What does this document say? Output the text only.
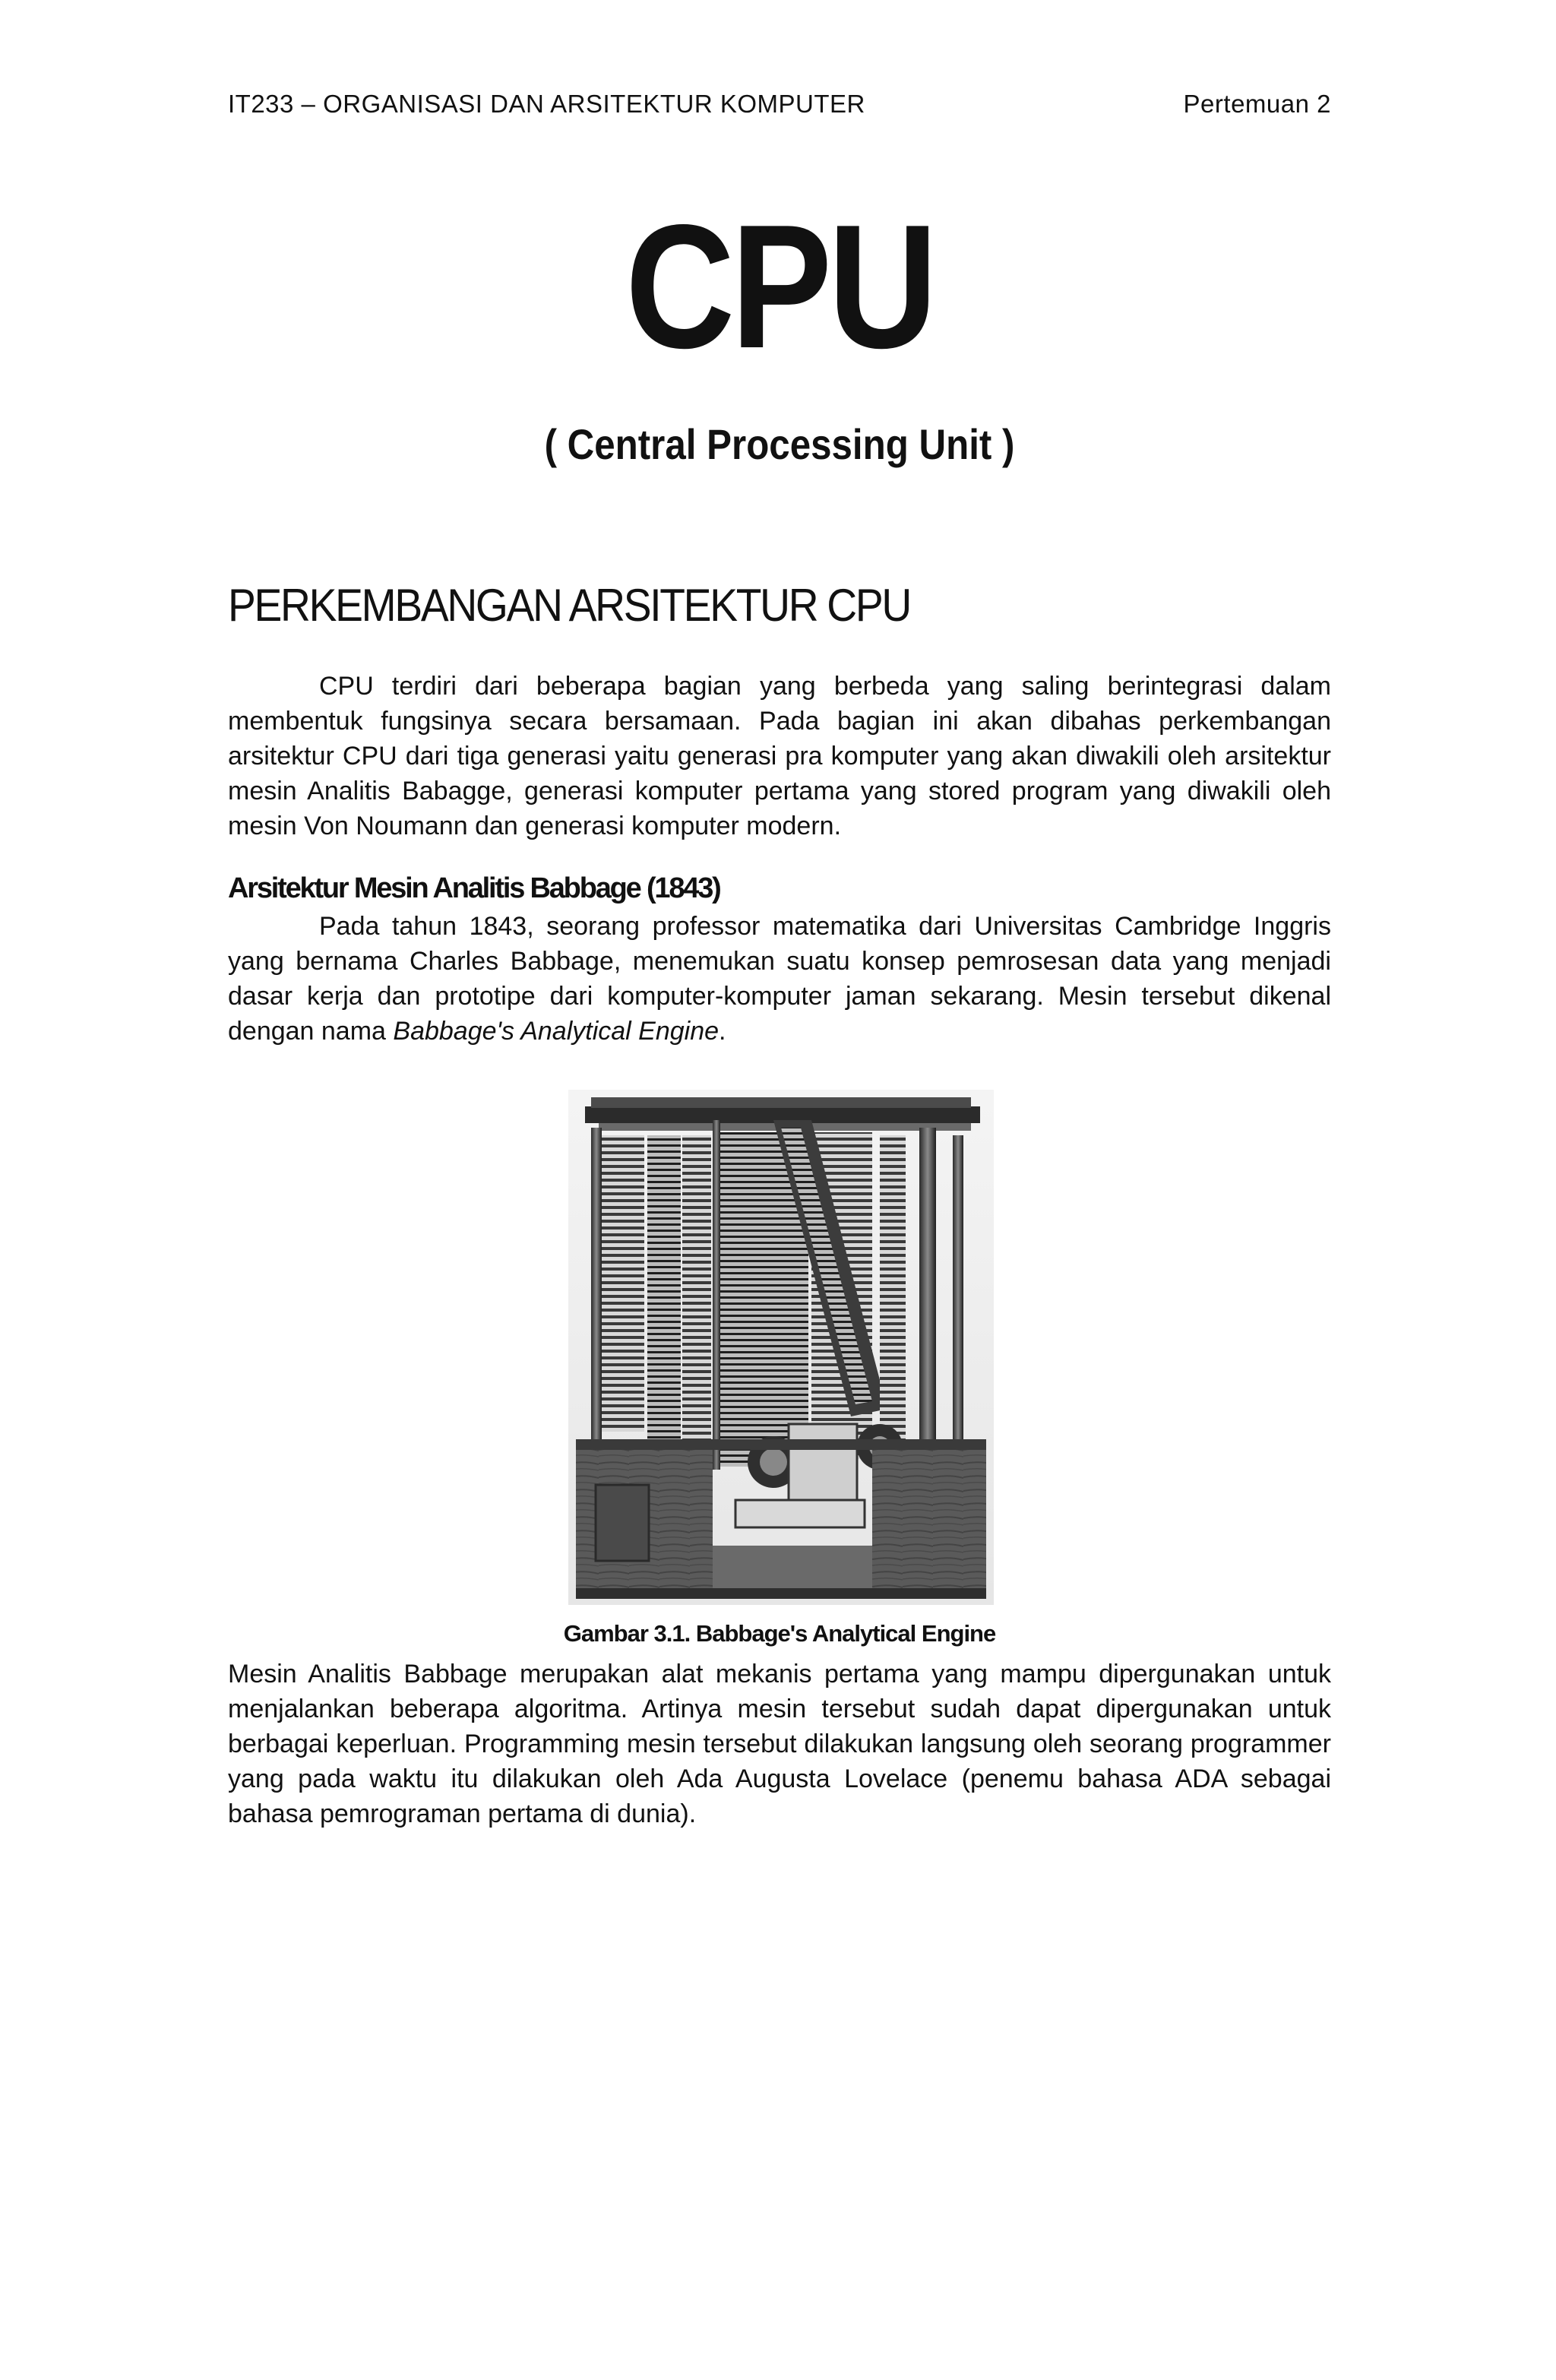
IT233 – ORGANISASI DAN ARSITEKTUR KOMPUTER	Pertemuan 2
CPU
( Central Processing Unit )
PERKEMBANGAN ARSITEKTUR CPU

CPU terdiri dari beberapa bagian yang berbeda yang saling berintegrasi dalam membentuk fungsinya secara bersamaan. Pada bagian ini akan dibahas perkembangan arsitektur CPU dari tiga generasi yaitu generasi pra komputer yang akan diwakili oleh arsitektur mesin Analitis Babagge, generasi komputer pertama yang stored program yang diwakili oleh mesin Von Noumann dan generasi komputer modern.

Arsitektur Mesin Analitis Babbage (1843)

Pada tahun 1843, seorang professor matematika dari Universitas Cambridge Inggris yang bernama Charles Babbage, menemukan suatu konsep pemrosesan data yang menjadi dasar kerja dan prototipe dari komputer-komputer jaman sekarang. Mesin tersebut dikenal dengan nama Babbage's Analytical Engine.

Gambar 3.1. Babbage's Analytical Engine

Mesin Analitis Babbage merupakan alat mekanis pertama yang mampu dipergunakan untuk menjalankan beberapa algoritma. Artinya mesin tersebut sudah dapat dipergunakan untuk berbagai keperluan. Programming mesin tersebut dilakukan langsung oleh seorang programmer yang pada waktu itu dilakukan oleh Ada Augusta Lovelace (penemu bahasa ADA sebagai bahasa pemrograman pertama di dunia).
